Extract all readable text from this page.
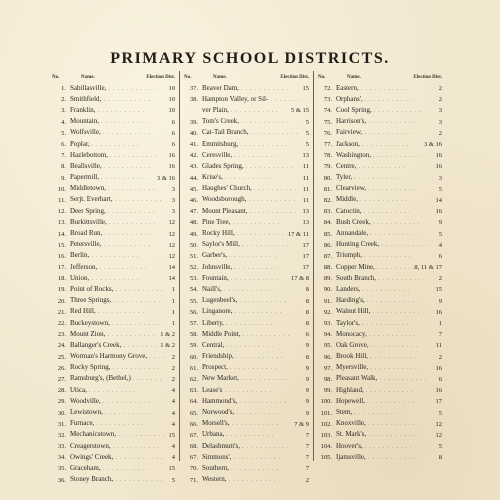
PRIMARY SCHOOL DISTRICTS.
No.	Name.	Election Dist.
1. Sabillasville, . .	10
2. Smithfield, . .	10
3. Franklin, . .	10
4. Mountain, . .	6
5. Wolfsville, . .	6
6. Poplar, . .	6
7. Hazlebottom, . .	16
8. Beallsville, . .	16
9. Papermill, . .	3 & 16
10. Middletown, . .	3
11. Serjt. Everhart, . .	3
12. Deer Spring, . .	3
13. Burkittsville, . .	12
14. Broad Run, . .	12
15. Petersville, . .	12
16. Berlin, . .	12
17. Jefferson, . .	14
18. Union, . .	14
19. Point of Rocks, . .	1
20. Three Springs, . .	1
21. Red Hill, . .	1
22. Buckeystown, . .	1
23. Mount Zion, . .	1 & 2
24. Ballanger's Creek, . .	1 & 2
25. Worman's Harmony Grove, . .	2
26. Rocky Spring, . .	2
27. Ramsburg's, (Bethel,) . .	2
28. Utica, . .	4
29. Woodville, . .	4
30. Lewistown, . .	4
31. Furnace, . .	4
32. Mechanicstown, . .	15
33. Creagerstown, . .	4
34. Owings' Creek, . .	4
35. Graceham, . .	15
36. Stoney Branch, . .	5
No.	Name.	Election Dist.
37. Beaver Dam, . .	15
38. Hampton Valley, or Sil- . .
ver Plain, . .	5 & 15
39. Tom's Creek, . .	5
40. Cat-Tail Branch, . .	5
41. Emmitsburg, . .	5
42. Ceresville, . .	13
43. Glades Spring, . .	11
44. Krise's, . .	11
45. Haughes' Church, . .	11
46. Woodsborough, . .	11
47. Mount Pleasant, . .	13
48. Pine Tree, . .	13
49. Rocky Hill, . .	17 & 11
50. Saylor's Mill, . .	17
51. Garber's, . .	17
52. Johnsville, . .	17
53. Fountain, . .	17 & 8
54. Naill's, . .	8
55. Lugenbeel's, . .	8
56. Linganore, . .	8
57. Liberty, . .	8
58. Middle Point, . .	6
59. Central, . .	9
60. Friendship, . .	8
61. Prospect, . .	9
62. New Market, . .	9
63. Lease's . .	9
64. Hammond's, . .	9
65. Norwood's, . .	9
66. Morsell's, . .	7 & 9
67. Urbana, . .	7
68. Delashmutt's, . .	7
67. Simmons', . .	7
70. Southern, . .	7
71. Western, . .	2
No.	Name.	Election Dist.
72. Eastern, . .	2
73. Orphans', . .	2
74. Cool Spring, . .	3
75. Harrison's, . .	3
76. Fairview, . .	2
77. Jackson, . .	3 & 16
78. Washington, . .	16
79. Centre, . .	16
80. Tyler, . .	3
81. Clearview, . .	5
82. Middle, . .	14
83. Catoctin, . .	16
84. Bush Creek, . .	9
85. Annandale, . .	5
86. Hunting Creek, . .	4
87. Triumph, . .	6
88. Copper Mine, . .	8, 11 & 17
89. South Branch, . .	2
90. Landers, . .	15
91. Harding's, . .	9
92. Walnut Hill, . .	16
93. Taylor's, . .	1
94. Monocacy, . .	7
95. Oak Grove, . .	11
96. Brook Hill, . .	2
97. Myersville, . .	16
98. Pleasant Walk, . .	6
99. Highland, . .	16
100. Hopewell, . .	17
101. Stem, . .	5
102. Knoxville, . .	12
103. St. Mark's, . .	12
104. Hoover's, . .	5
105. Ijamsville, . .	8
